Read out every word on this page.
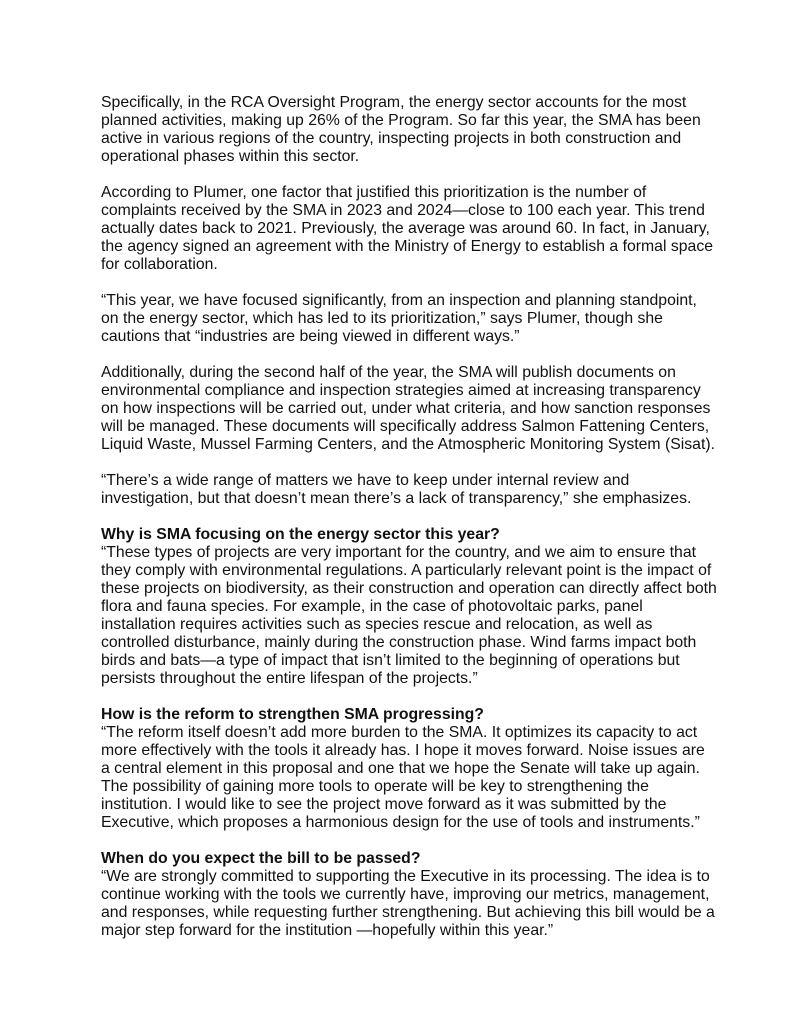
Specifically, in the RCA Oversight Program, the energy sector accounts for the most
planned activities, making up 26% of the Program. So far this year, the SMA has been
active in various regions of the country, inspecting projects in both construction and
operational phases within this sector.
According to Plumer, one factor that justified this prioritization is the number of
complaints received by the SMA in 2023 and 2024—close to 100 each year. This trend
actually dates back to 2021. Previously, the average was around 60. In fact, in January,
the agency signed an agreement with the Ministry of Energy to establish a formal space
for collaboration.
“This year, we have focused significantly, from an inspection and planning standpoint,
on the energy sector, which has led to its prioritization,” says Plumer, though she
cautions that “industries are being viewed in different ways.”
Additionally, during the second half of the year, the SMA will publish documents on
environmental compliance and inspection strategies aimed at increasing transparency
on how inspections will be carried out, under what criteria, and how sanction responses
will be managed. These documents will specifically address Salmon Fattening Centers,
Liquid Waste, Mussel Farming Centers, and the Atmospheric Monitoring System (Sisat).
“There’s a wide range of matters we have to keep under internal review and
investigation, but that doesn’t mean there’s a lack of transparency,” she emphasizes.
Why is SMA focusing on the energy sector this year?
“These types of projects are very important for the country, and we aim to ensure that
they comply with environmental regulations. A particularly relevant point is the impact of
these projects on biodiversity, as their construction and operation can directly affect both
flora and fauna species. For example, in the case of photovoltaic parks, panel
installation requires activities such as species rescue and relocation, as well as
controlled disturbance, mainly during the construction phase. Wind farms impact both
birds and bats—a type of impact that isn’t limited to the beginning of operations but
persists throughout the entire lifespan of the projects.”
How is the reform to strengthen SMA progressing?
“The reform itself doesn’t add more burden to the SMA. It optimizes its capacity to act
more effectively with the tools it already has. I hope it moves forward. Noise issues are
a central element in this proposal and one that we hope the Senate will take up again.
The possibility of gaining more tools to operate will be key to strengthening the
institution. I would like to see the project move forward as it was submitted by the
Executive, which proposes a harmonious design for the use of tools and instruments.”
When do you expect the bill to be passed?
“We are strongly committed to supporting the Executive in its processing. The idea is to
continue working with the tools we currently have, improving our metrics, management,
and responses, while requesting further strengthening. But achieving this bill would be a
major step forward for the institution —hopefully within this year.”
